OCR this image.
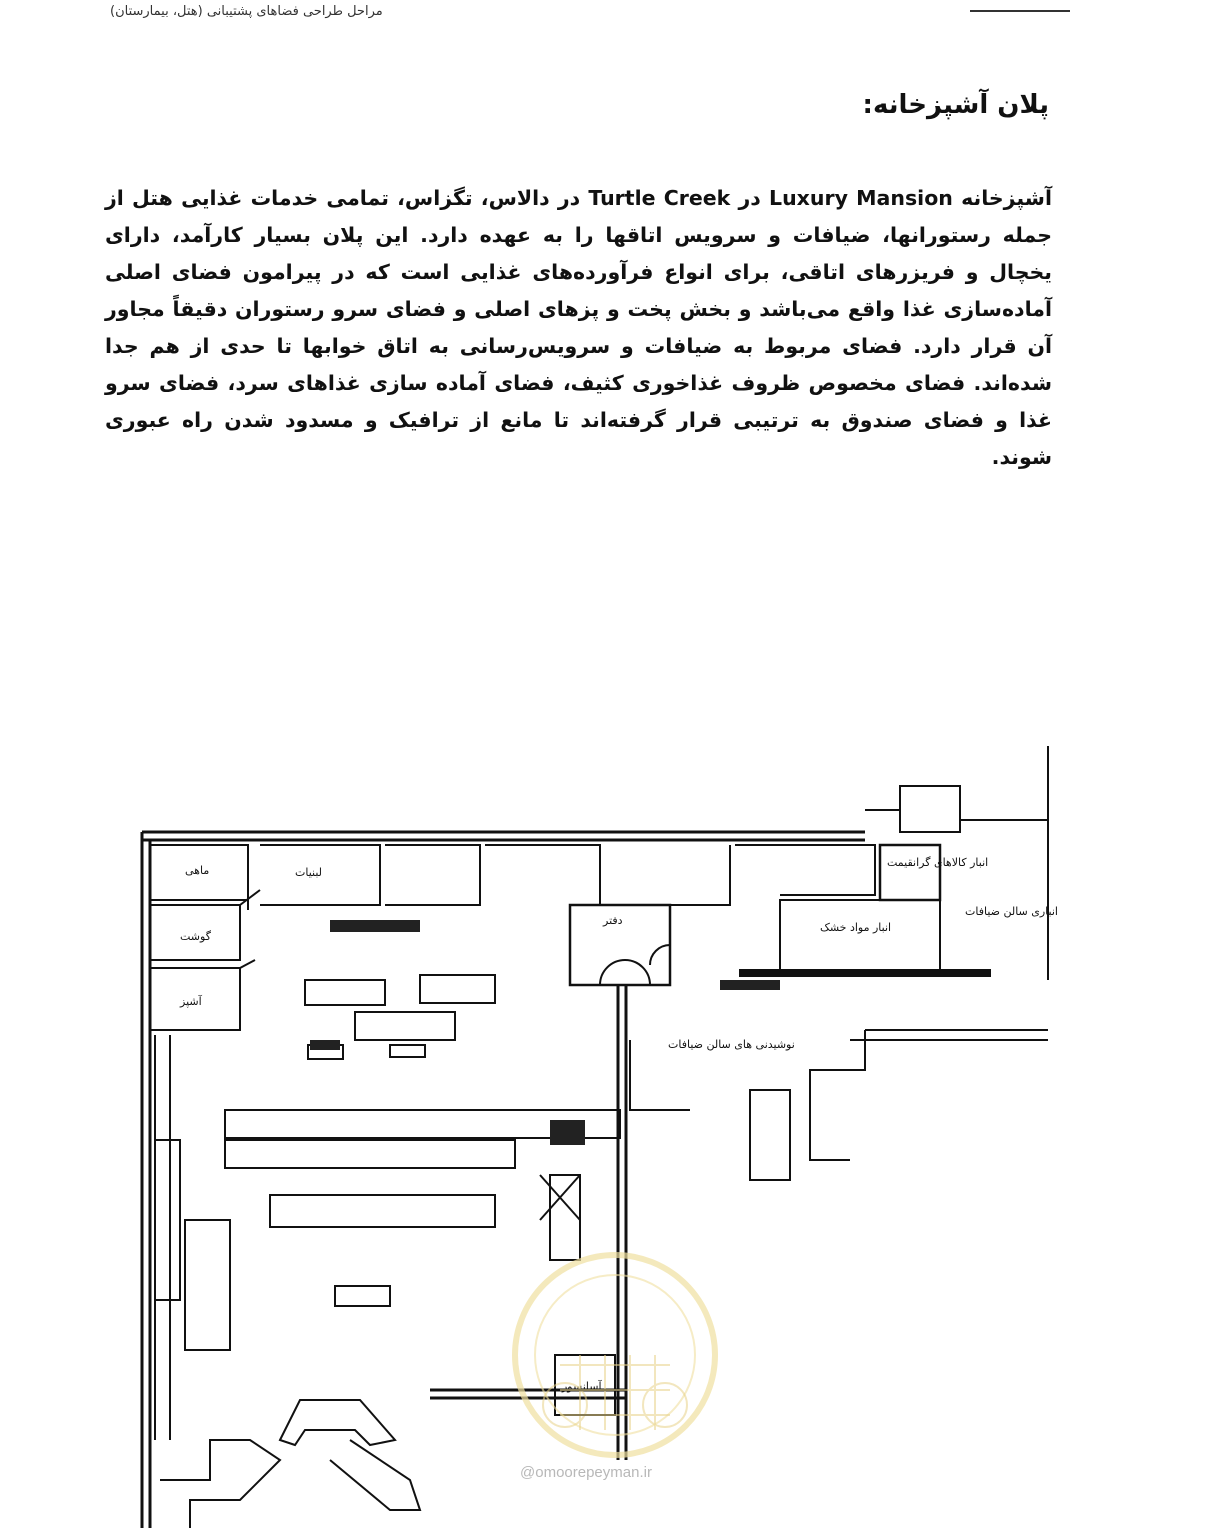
مراحل طراحی فضاهای پشتیبانی (هتل، بیمارستان)
پلان آشپزخانه:
آشپزخانه Luxury Mansion در Turtle Creek در دالاس، تگزاس، تمامی خدمات غذایی هتل از جمله رستورانها، ضیافات و سرویس اتاقها را به عهده دارد. این پلان بسیار کارآمد، دارای یخچال و فریزرهای اتاقی، برای انواع فرآورده‌های غذایی است که در پیرامون فضای اصلی آماده‌سازی غذا واقع می‌باشد و بخش پخت و پزهای اصلی و فضای سرو رستوران دقیقاً مجاور آن قرار دارد. فضای مربوط به ضیافات و سرویس‌رسانی به اتاق خوابها تا حدی از هم جدا شده‌اند. فضای مخصوص ظروف غذاخوری کثیف، فضای آماده سازی غذاهای سرد، فضای سرو غذا و فضای صندوق به ترتیبی قرار گرفته‌اند تا مانع از ترافیک و مسدود شدن راه عبوری شوند.
ماهی	لبنیات
گوشت
آشپز
دفتر
انبار مواد خشک
انبار کالاهای گرانقیمت
انباری سالن ضیافات
نوشیدنی های سالن ضیافات
آسانسور
@omoorepeyman.ir
